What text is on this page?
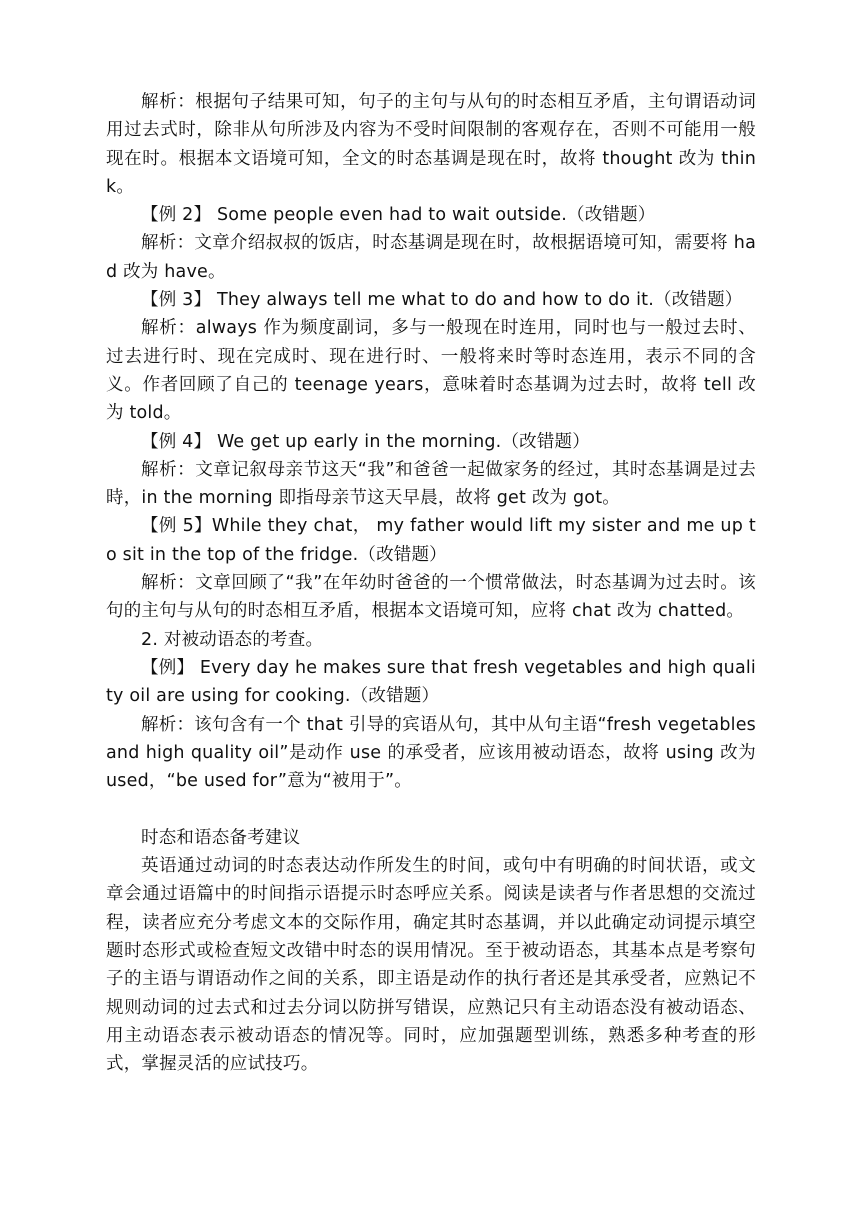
解析：根据句子结果可知，句子的主句与从句的时态相互矛盾，主句谓语动词用过去式时，除非从句所涉及内容为不受时间限制的客观存在，否则不可能用一般现在时。根据本文语境可知，全文的时态基调是现在时，故将 thought 改为 think。

【例 2】 Some people even had to wait outside.（改错题）

解析：文章介绍叔叔的饭店，时态基调是现在时，故根据语境可知，需要将 had 改为 have。

【例 3】 They always tell me what to do and how to do it.（改错题）

解析：always 作为频度副词，多与一般现在时连用，同时也与一般过去时、过去进行时、现在完成时、现在进行时、一般将来时等时态连用，表示不同的含义。作者回顾了自己的 teenage years，意味着时态基调为过去时，故将 tell 改为 told。

【例 4】 We get up early in the morning.（改错题）

解析：文章记叙母亲节这天“我”和爸爸一起做家务的经过，其时态基调是过去時，in the morning 即指母亲节这天早晨，故将 get 改为 got。

【例 5】While they chat， my father would lift my sister and me up to sit in the top of the fridge.（改错题）

解析：文章回顾了“我”在年幼时爸爸的一个惯常做法，时态基调为过去时。该句的主句与从句的时态相互矛盾，根据本文语境可知，应将 chat 改为 chatted。

2. 对被动语态的考查。

【例】 Every day he makes sure that fresh vegetables and high quality oil are using for cooking.（改错题）

解析：该句含有一个 that 引导的宾语从句，其中从句主语“fresh vegetables and high quality oil”是动作 use 的承受者，应该用被动语态，故将 using 改为 used，“be used for”意为“被用于”。

时态和语态备考建议

英语通过动词的时态表达动作所发生的时间，或句中有明确的时间状语，或文章会通过语篇中的时间指示语提示时态呼应关系。阅读是读者与作者思想的交流过程，读者应充分考虑文本的交际作用，确定其时态基调，并以此确定动词提示填空题时态形式或检查短文改错中时态的误用情况。至于被动语态，其基本点是考察句子的主语与谓语动作之间的关系，即主语是动作的执行者还是其承受者，应熟记不规则动词的过去式和过去分词以防拼写错误，应熟记只有主动语态没有被动语态、用主动语态表示被动语态的情况等。同时，应加强题型训练，熟悉多种考查的形式，掌握灵活的应试技巧。
